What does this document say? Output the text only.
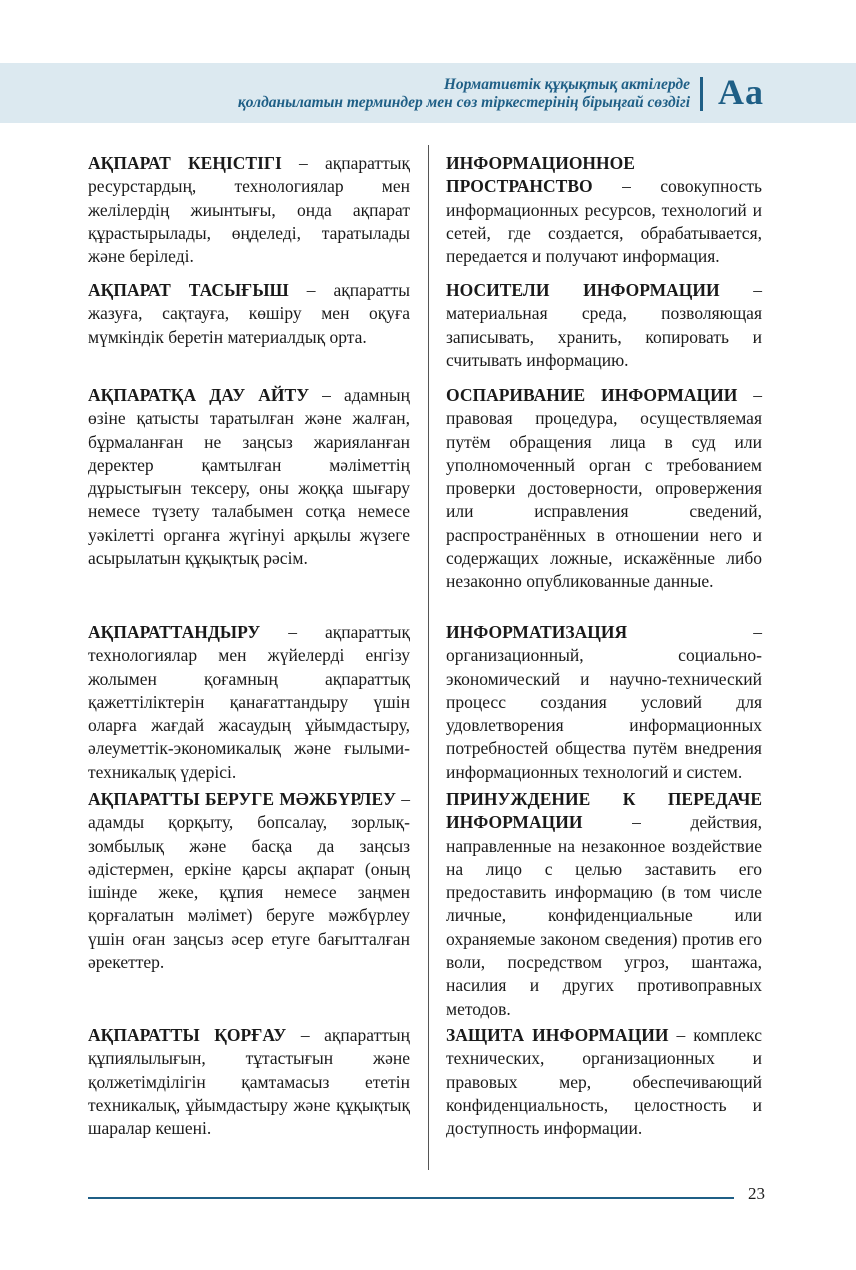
Нормативтік құқықтық актілерде
қолданылатын терминдер мен сөз тіркестерінің бірыңғай сөздігі Aa

АҚПАРАТ КЕҢІСТІГІ – ақпараттық ресурстардың, технологиялар мен желілердің жиынтығы, онда ақпарат құрастырылады, өңделеді, таратылады және беріледі.

АҚПАРАТ ТАСЫҒЫШ – ақпаратты жазуға, сақтауға, көшіру мен оқуға мүмкіндік беретін материалдық орта.

АҚПАРАТҚА ДАУ АЙТУ – адамның өзіне қатысты таратылған және жалған, бұрмаланған не заңсыз жарияланған деректер қамтылған мәліметтің дұрыстығын тексеру, оны жоққа шығару немесе түзету талабымен сотқа немесе уәкілетті органға жүгінуі арқылы жүзеге асырылатын құқықтық рәсім.

АҚПАРАТТАНДЫРУ – ақпараттық технологиялар мен жүйелерді енгізу жолымен қоғамның ақпараттық қажеттіліктерін қанағаттандыру үшін оларға жағдай жасаудың ұйымдастыру, әлеуметтік-экономикалық және ғылыми-техникалық үдерісі.

АҚПАРАТТЫ БЕРУГЕ МӘЖБҮРЛЕУ – адамды қорқыту, бопсалау, зорлық-зомбылық және басқа да заңсыз әдістермен, еркіне қарсы ақпарат (оның ішінде жеке, құпия немесе заңмен қорғалатын мәлімет) беруге мәжбүрлеу үшін оған заңсыз әсер етуге бағытталған әрекеттер.

АҚПАРАТТЫ ҚОРҒАУ – ақпараттың құпиялылығын, тұтастығын және қолжетімділігін қамтамасыз ететін техникалық, ұйымдастыру және құқықтық шаралар кешені.

ИНФОРМАЦИОННОЕ ПРОСТРАНСТВО – совокупность информационных ресурсов, технологий и сетей, где создается, обрабатывается, передается и получают информация.

НОСИТЕЛИ ИНФОРМАЦИИ – материальная среда, позволяющая записывать, хранить, копировать и считывать информацию.

ОСПАРИВАНИЕ ИНФОРМАЦИИ – правовая процедура, осуществляемая путём обращения лица в суд или уполномоченный орган с требованием проверки достоверности, опровержения или исправления сведений, распространённых в отношении него и содержащих ложные, искажённые либо незаконно опубликованные данные.

ИНФОРМАТИЗАЦИЯ – организационный, социально-экономический и научно-технический процесс создания условий для удовлетворения информационных потребностей общества путём внедрения информационных технологий и систем.

ПРИНУЖДЕНИЕ К ПЕРЕДАЧЕ ИНФОРМАЦИИ – действия, направленные на незаконное воздействие на лицо с целью заставить его предоставить информацию (в том числе личные, конфиденциальные или охраняемые законом сведения) против его воли, посредством угроз, шантажа, насилия и других противоправных методов.

ЗАЩИТА ИНФОРМАЦИИ – комплекс технических, организационных и правовых мер, обеспечивающий конфиденциальность, целостность и доступность информации.

23
